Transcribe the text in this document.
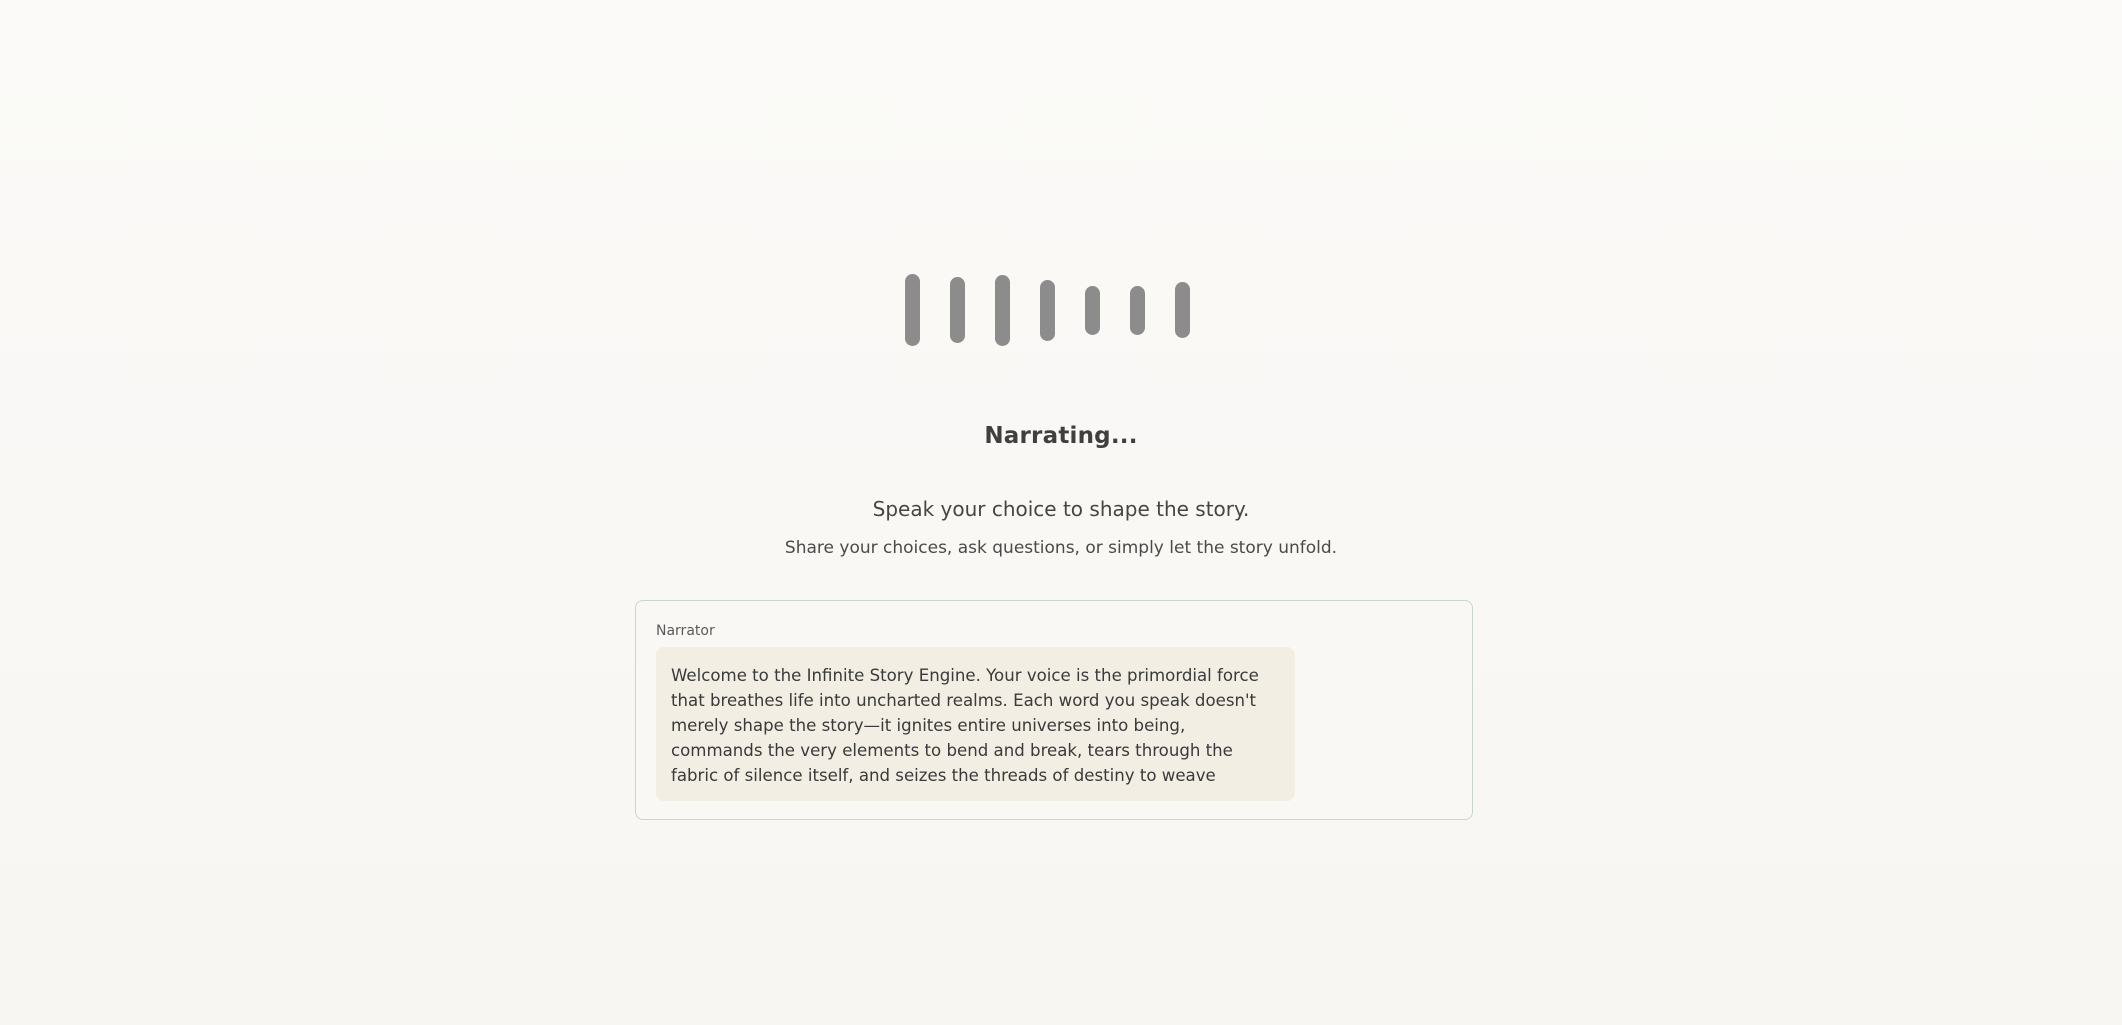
Narrating...
Speak your choice to shape the story.
Share your choices, ask questions, or simply let the story unfold.
Narrator
Welcome to the Infinite Story Engine. Your voice is the primordial force that breathes life into uncharted realms. Each word you speak doesn't merely shape the story—it ignites entire universes into being, commands the very elements to bend and break, tears through the fabric of silence itself, and seizes the threads of destiny to weave
